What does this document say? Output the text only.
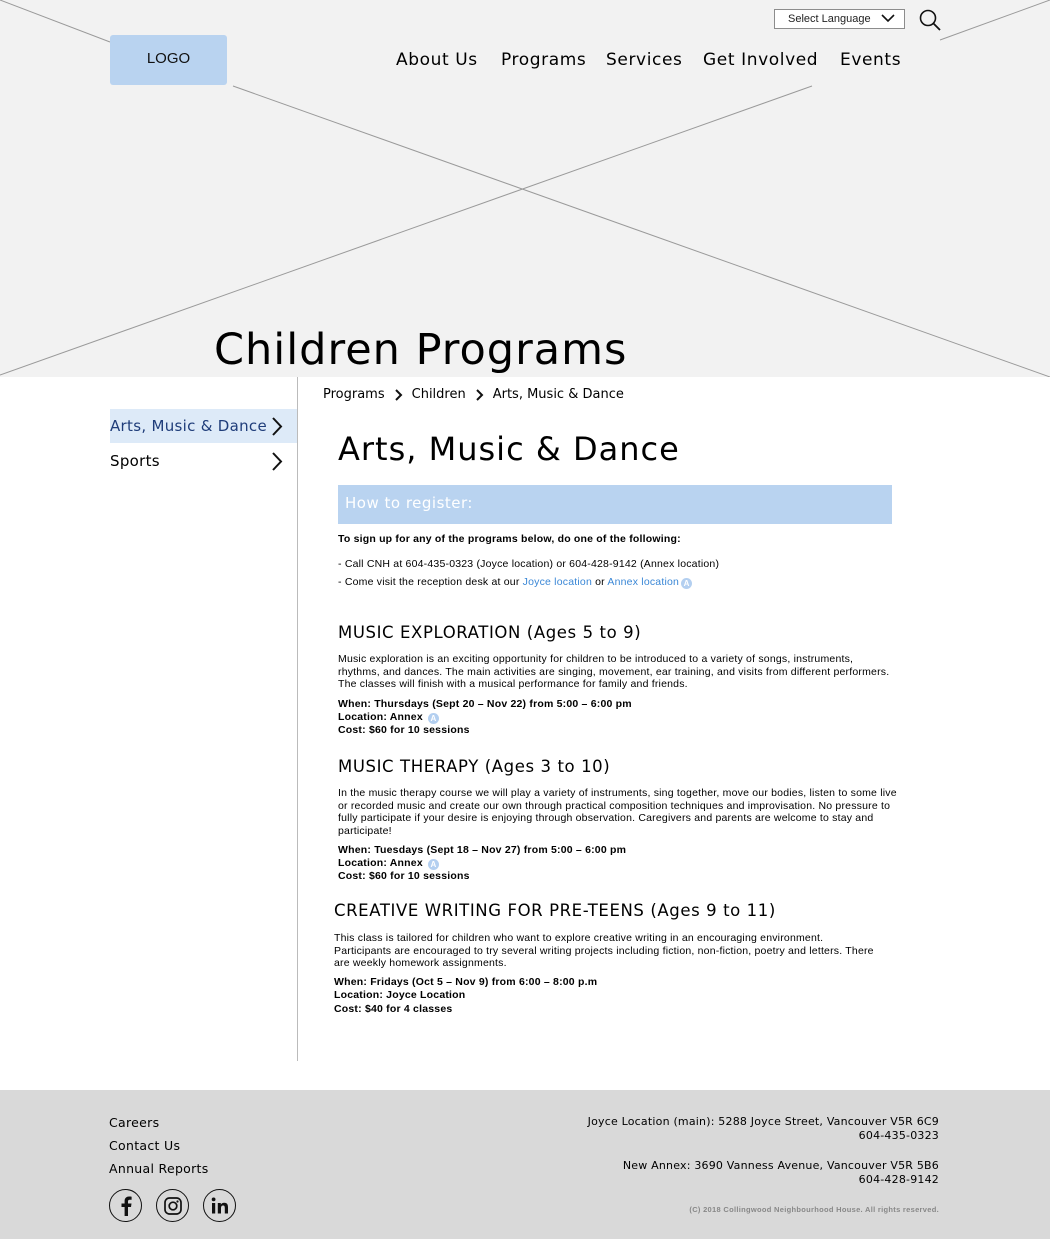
Select Language
LOGO	About Us	Programs	Services	Get Involved	Events
Children Programs
Arts, Music & Dance
Sports
Programs Children Arts, Music & Dance
Arts, Music & Dance
How to register:
To sign up for any of the programs below, do one of the following:
- Call CNH at 604-435-0323 (Joyce location) or 604-428-9142 (Annex location)
- Come visit the reception desk at our Joyce location or Annex location A
MUSIC EXPLORATION (Ages 5 to 9)
Music exploration is an exciting opportunity for children to be introduced to a variety of songs, instruments, rhythms, and dances. The main activities are singing, movement, ear training, and visits from different performers. The classes will finish with a musical performance for family and friends.
When: Thursdays (Sept 20 – Nov 22) from 5:00 – 6:00 pm
Location: Annex A
Cost: $60 for 10 sessions
MUSIC THERAPY (Ages 3 to 10)
In the music therapy course we will play a variety of instruments, sing together, move our bodies, listen to some live or recorded music and create our own through practical composition techniques and improvisation. No pressure to fully participate if your desire is enjoying through observation. Caregivers and parents are welcome to stay and participate!
When: Tuesdays (Sept 18 – Nov 27) from 5:00 – 6:00 pm
Location: Annex A
Cost: $60 for 10 sessions
CREATIVE WRITING FOR PRE-TEENS (Ages 9 to 11)
This class is tailored for children who want to explore creative writing in an encouraging environment. Participants are encouraged to try several writing projects including fiction, non-fiction, poetry and letters. There are weekly homework assignments.
When: Fridays (Oct 5 – Nov 9) from 6:00 – 8:00 p.m
Location: Joyce Location
Cost: $40 for 4 classes
Careers
Contact Us
Annual Reports
Joyce Location (main): 5288 Joyce Street, Vancouver V5R 6C9
604-435-0323
New Annex: 3690 Vanness Avenue, Vancouver V5R 5B6
604-428-9142
(C) 2018 Collingwood Neighbourhood House. All rights reserved.
